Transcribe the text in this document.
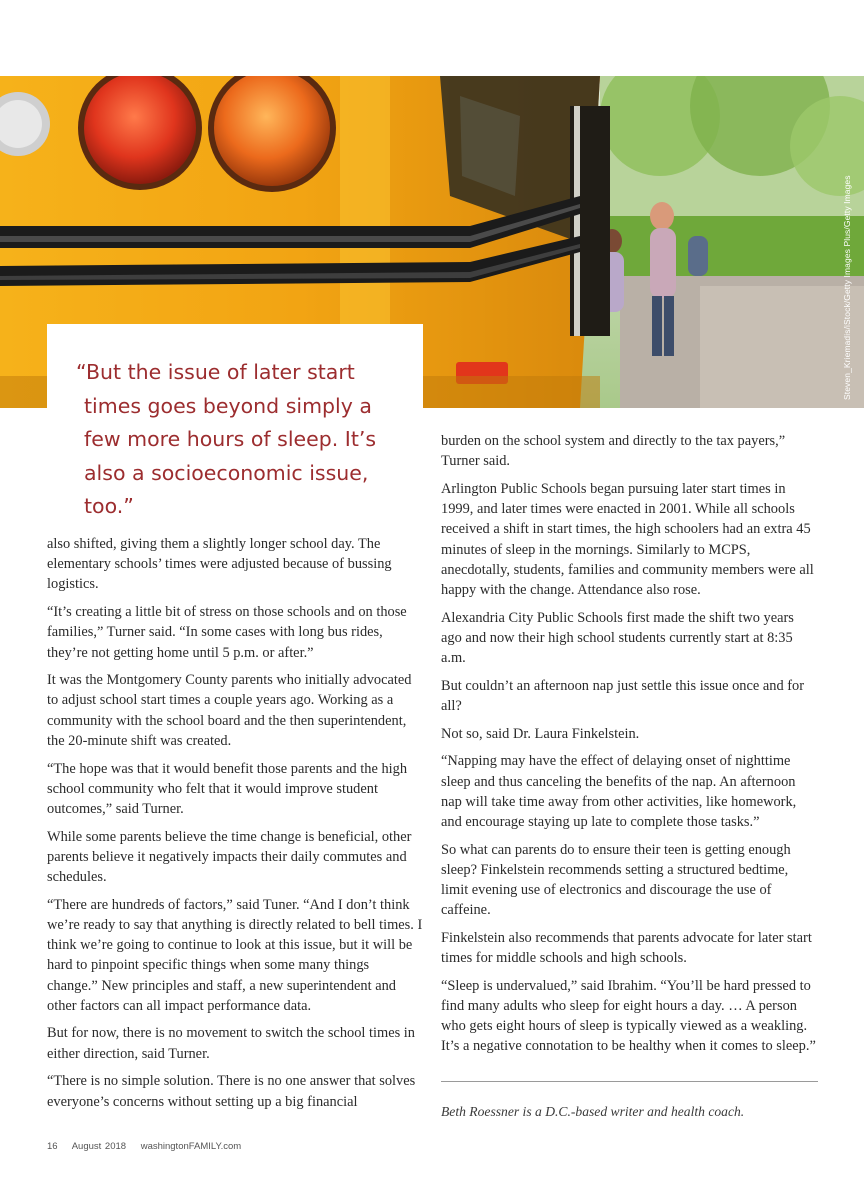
Steven_Kriemadis/iStock/Getty Images Plus/Getty Images
“But the issue of later start times goes beyond simply a few more hours of sleep. It’s also a socioeconomic issue, too.”

also shifted, giving them a slightly longer school day. The elementary schools’ times were adjusted because of bussing logistics.

“It’s creating a little bit of stress on those schools and on those families,” Turner said. “In some cases with long bus rides, they’re not getting home until 5 p.m. or after.”

It was the Montgomery County parents who initially advocated to adjust school start times a couple years ago. Working as a community with the school board and the then superintendent, the 20-minute shift was created.

“The hope was that it would benefit those parents and the high school community who felt that it would improve student outcomes,” said Turner.

While some parents believe the time change is beneficial, other parents believe it negatively impacts their daily commutes and schedules.

“There are hundreds of factors,” said Tuner. “And I don’t think we’re ready to say that anything is directly related to bell times. I think we’re going to continue to look at this issue, but it will be hard to pinpoint specific things when some many things change.” New principles and staff, a new superintendent and other factors can all impact performance data.

But for now, there is no movement to switch the school times in either direction, said Turner.

“There is no simple solution. There is no one answer that solves everyone’s concerns without setting up a big financial

burden on the school system and directly to the tax payers,” Turner said.

Arlington Public Schools began pursuing later start times in 1999, and later times were enacted in 2001. While all schools received a shift in start times, the high schoolers had an extra 45 minutes of sleep in the mornings. Similarly to MCPS, anecdotally, students, families and community members were all happy with the change. Attendance also rose.

Alexandria City Public Schools first made the shift two years ago and now their high school students currently start at 8:35 a.m.

But couldn’t an afternoon nap just settle this issue once and for all?

Not so, said Dr. Laura Finkelstein.

“Napping may have the effect of delaying onset of nighttime sleep and thus canceling the benefits of the nap. An afternoon nap will take time away from other activities, like homework, and encourage staying up late to complete those tasks.”

So what can parents do to ensure their teen is getting enough sleep? Finkelstein recommends setting a structured bedtime, limit evening use of electronics and discourage the use of caffeine.

Finkelstein also recommends that parents advocate for later start times for middle schools and high schools.

“Sleep is undervalued,” said Ibrahim. “You’ll be hard pressed to find many adults who sleep for eight hours a day. … A person who gets eight hours of sleep is typically viewed as a weakling. It’s a negative connotation to be healthy when it comes to sleep.”

Beth Roessner is a D.C.-based writer and health coach.
16 August 2018 washingtonFAMILY.com
